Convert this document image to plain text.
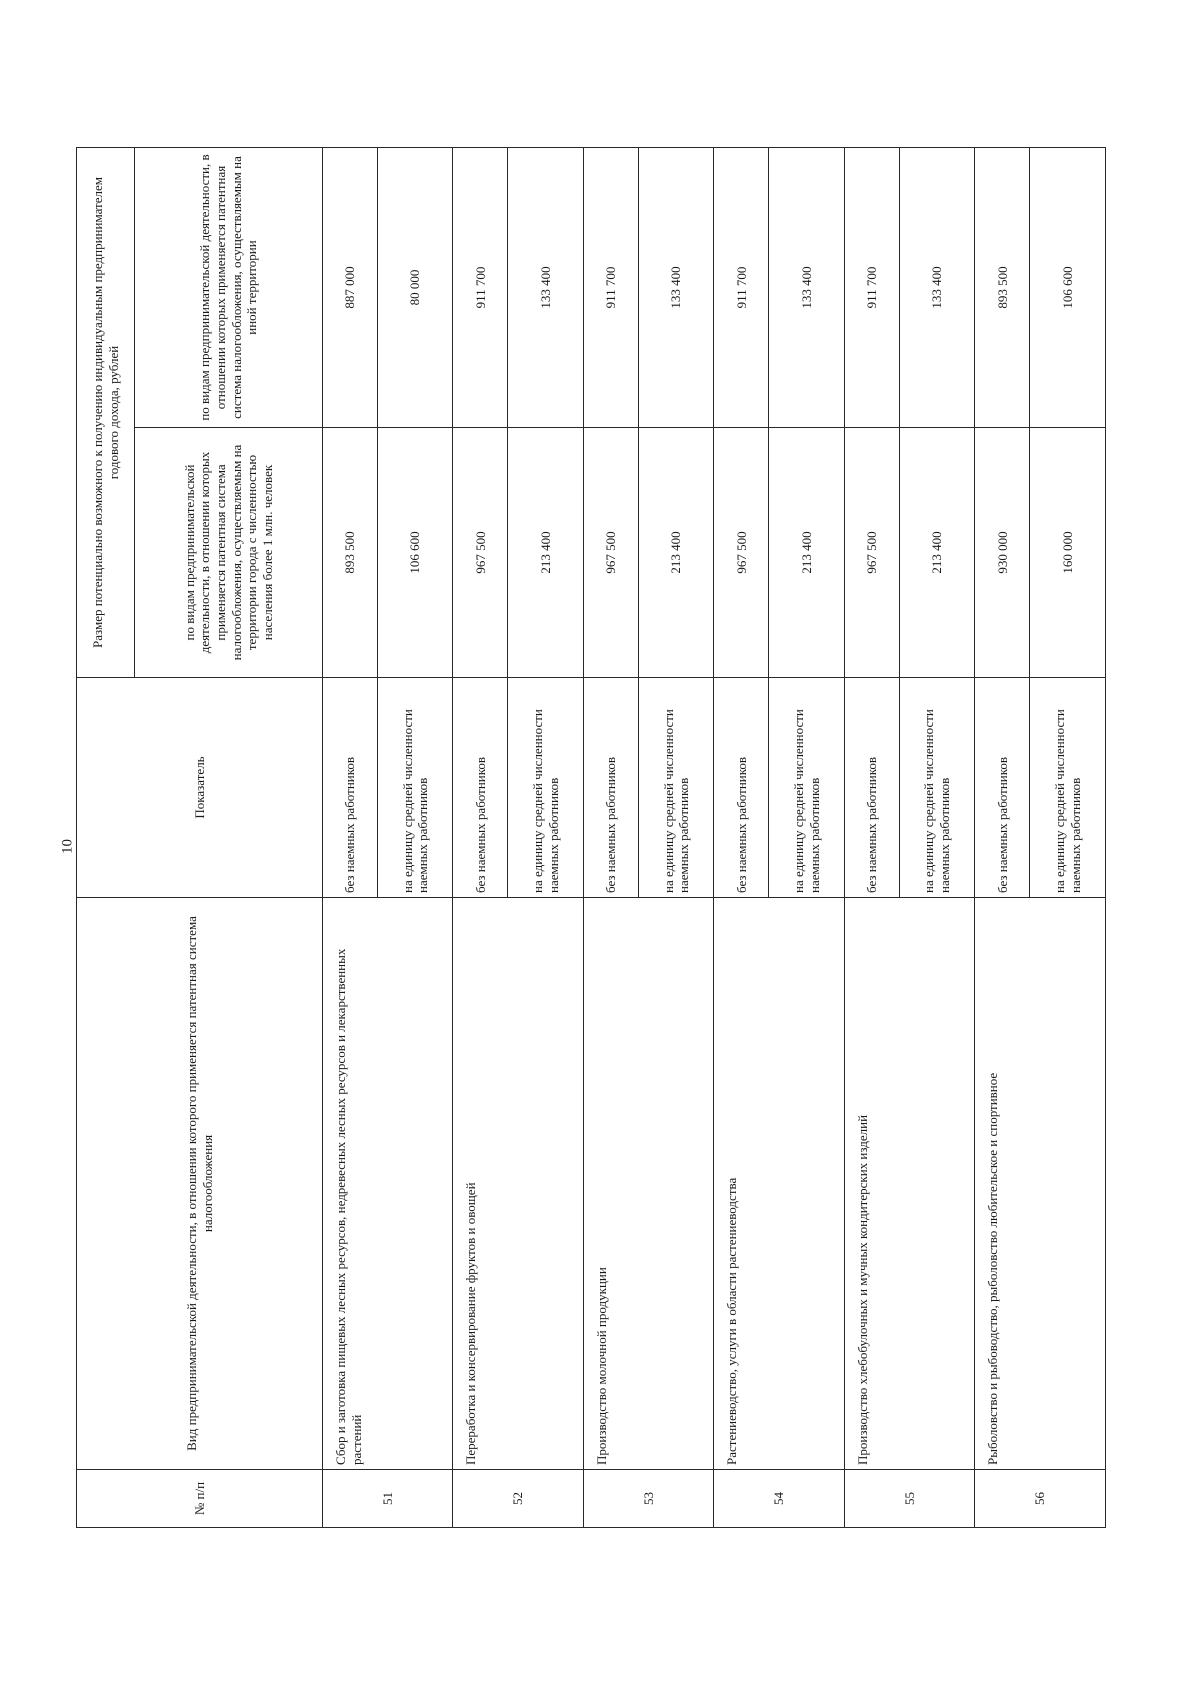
10
№ п/п	Вид предпринимательской деятельности, в отношении которого применяется патентная система налогообложения	Показатель	Размер потенциально возможного к получению индивидуальным предпринимателем годового дохода, рублей	
			по видам предпринимательской деятельности, в отношении которых применяется патентная система налогообложения, осуществляемым на территории города с численностью населения более 1 млн. человек	по видам предпринимательской деятельности, в отношении которых применяется патентная система налогообложения, осуществляемым на иной территории
51	Сбор и заготовка пищевых лесных ресурсов, недревесных лесных ресурсов и лекарственных растений	без наемных работников	893 500	887 000
		на единицу средней численности наемных работников	106 600	80 000
52	Переработка и консервирование фруктов и овощей	без наемных работников	967 500	911 700
		на единицу средней численности наемных работников	213 400	133 400
53	Производство молочной продукции	без наемных работников	967 500	911 700
		на единицу средней численности наемных работников	213 400	133 400
54	Растениеводство, услуги в области растениеводства	без наемных работников	967 500	911 700
		на единицу средней численности наемных работников	213 400	133 400
55	Производство хлебобулочных и мучных кондитерских изделий	без наемных работников	967 500	911 700
		на единицу средней численности наемных работников	213 400	133 400
56	Рыболовство и рыбоводство, рыболовство любительское и спортивное	без наемных работников	930 000	893 500
		на единицу средней численности наемных работников	160 000	106 600
